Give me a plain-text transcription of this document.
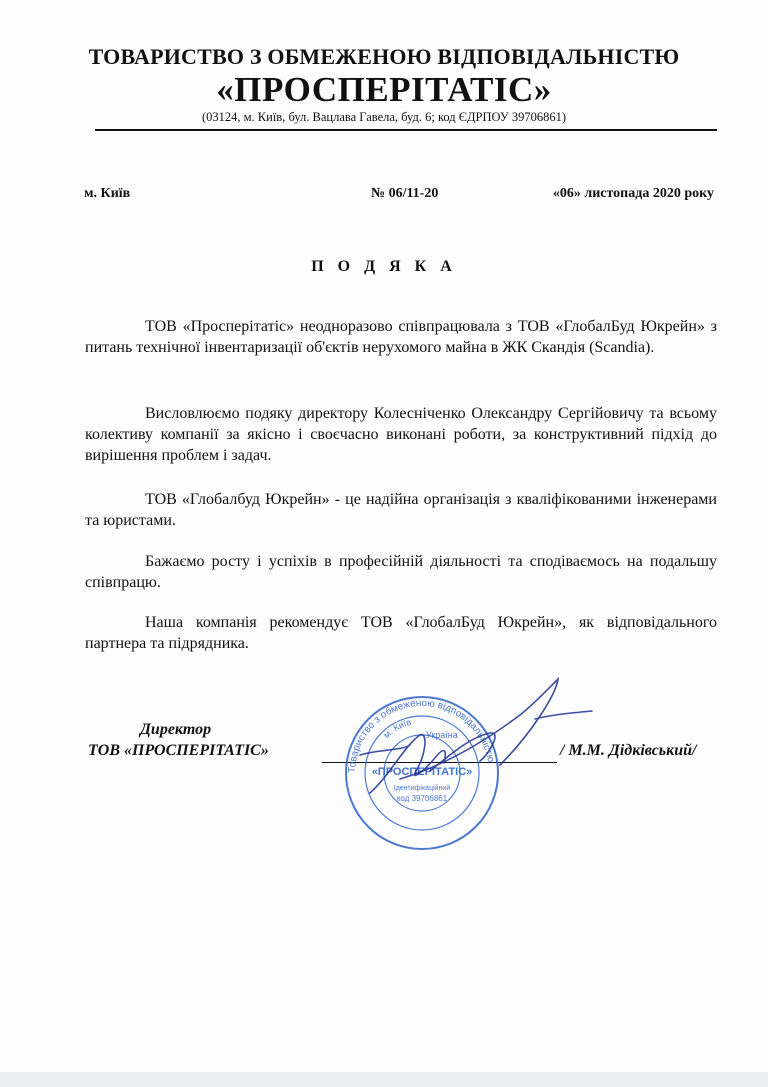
ТОВАРИСТВО З ОБМЕЖЕНОЮ ВІДПОВІДАЛЬНІСТЮ
«ПРОСПЕРІТАТІС»
(03124, м. Київ, бул. Вацлава Гавела, буд. 6; код ЄДРПОУ 39706861)
м. Київ	№ 06/11-20	«06» листопада 2020 року
П О Д Я К А

ТОВ «Просперітатіс» неодноразово співпрацювала з ТОВ «ГлобалБуд Юкрейн» з питань технічної інвентаризації об'єктів нерухомого майна в ЖК Скандія (Scandia).

Висловлюємо подяку директору Колесніченко Олександру Сергійовичу та всьому колективу компанії за якісно і своєчасно виконані роботи, за конструктивний підхід до вирішення проблем і задач.

ТОВ «Глобалбуд Юкрейн» - це надійна організація з кваліфікованими інженерами та юристами.

Бажаємо росту і успіхів в професійній діяльності та сподіваємось на подальшу співпрацю.

Наша компанія рекомендує ТОВ «ГлобалБуд Юкрейн», як відповідального партнера та підрядника.

Директор
ТОВ «ПРОСПЕРІТАТІС»	/ М.М. Дідківський/
Товариство з обмеженою відповідальністю
м. Київ
Україна
«ПРОСПЕРІТАТІС»
Ідентифікаційний
код 39706861
